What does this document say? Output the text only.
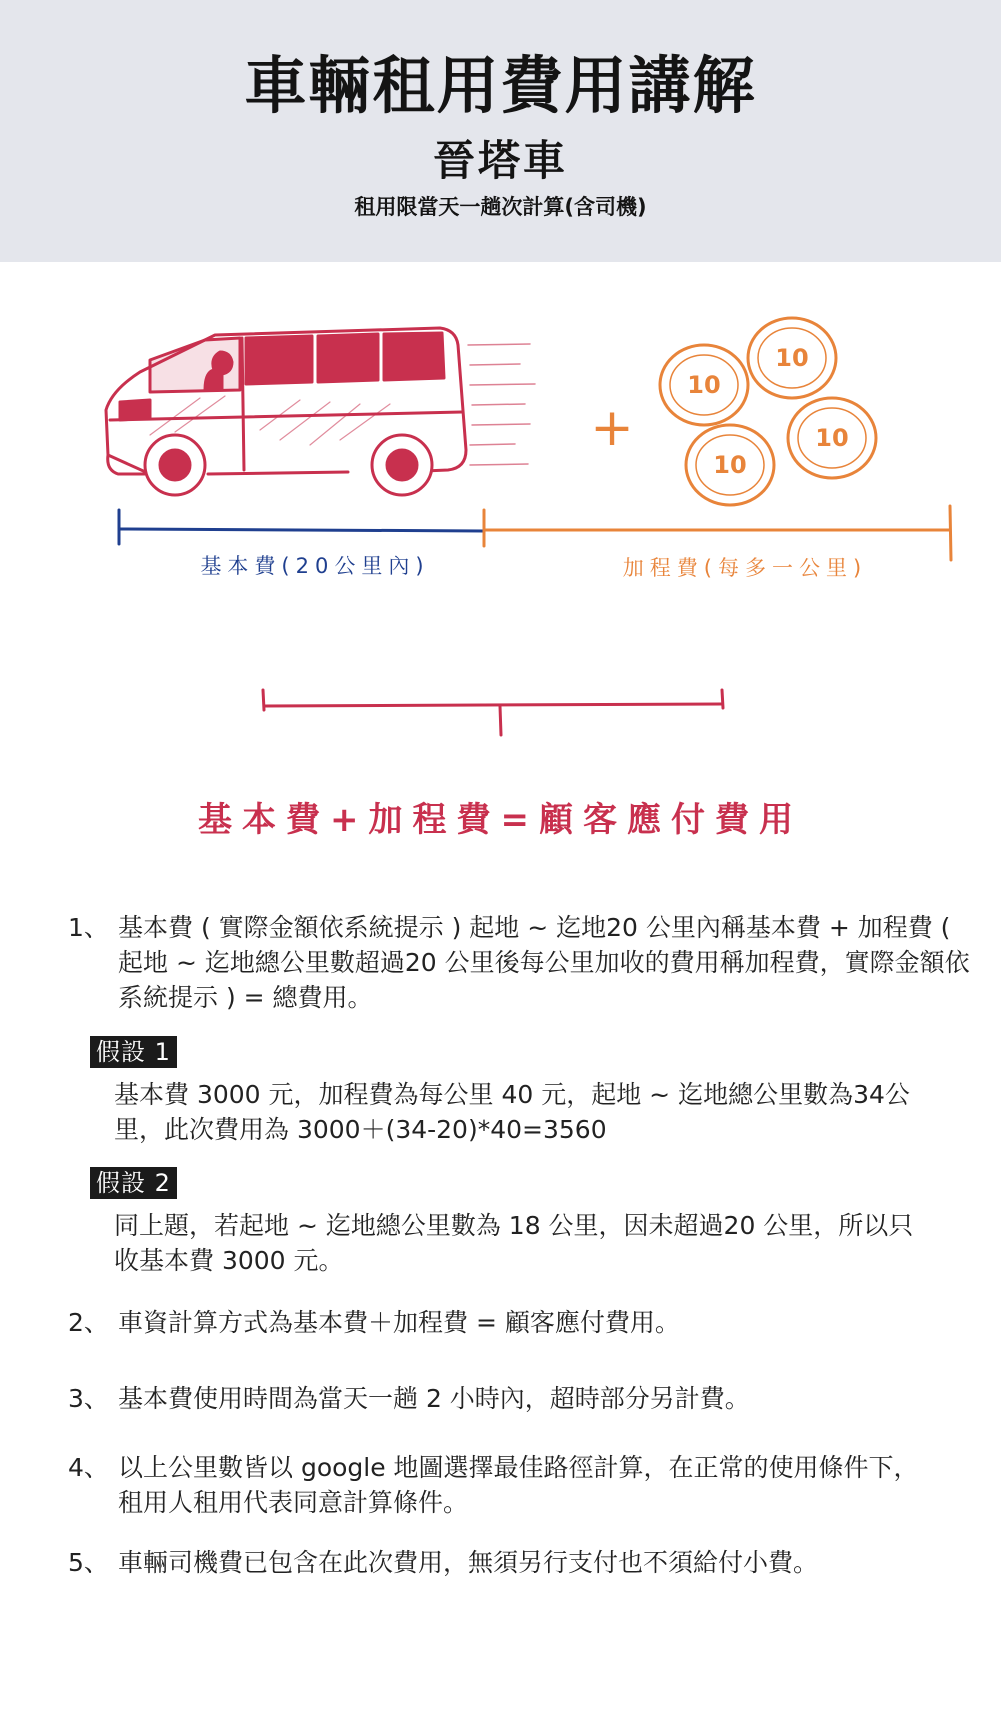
車輛租用費用講解
晉塔車
租用限當天一趟次計算(含司機)
+
10
10
10
10
基本費(20公里內)	加程費(每多一公里)
基本費+加程費=顧客應付費用
1、 基本費 ( 實際金額依系統提示 ) 起地 ~ 迄地20 公里內稱基本費 + 加程費 ( 起地 ~ 迄地總公里數超過20 公里後每公里加收的費用稱加程費，實際金額依系統提示 ) = 總費用。
假設 1
基本費 3000 元，加程費為每公里 40 元，起地 ~ 迄地總公里數為34公里，此次費用為 3000＋(34-20)*40=3560
假設 2
同上題，若起地 ~ 迄地總公里數為 18 公里，因未超過20 公里，所以只收基本費 3000 元。
2、 車資計算方式為基本費＋加程費 = 顧客應付費用。
3、 基本費使用時間為當天一趟 2 小時內，超時部分另計費。
4、 以上公里數皆以 google 地圖選擇最佳路徑計算，在正常的使用條件下，租用人租用代表同意計算條件。
5、 車輛司機費已包含在此次費用，無須另行支付也不須給付小費。
